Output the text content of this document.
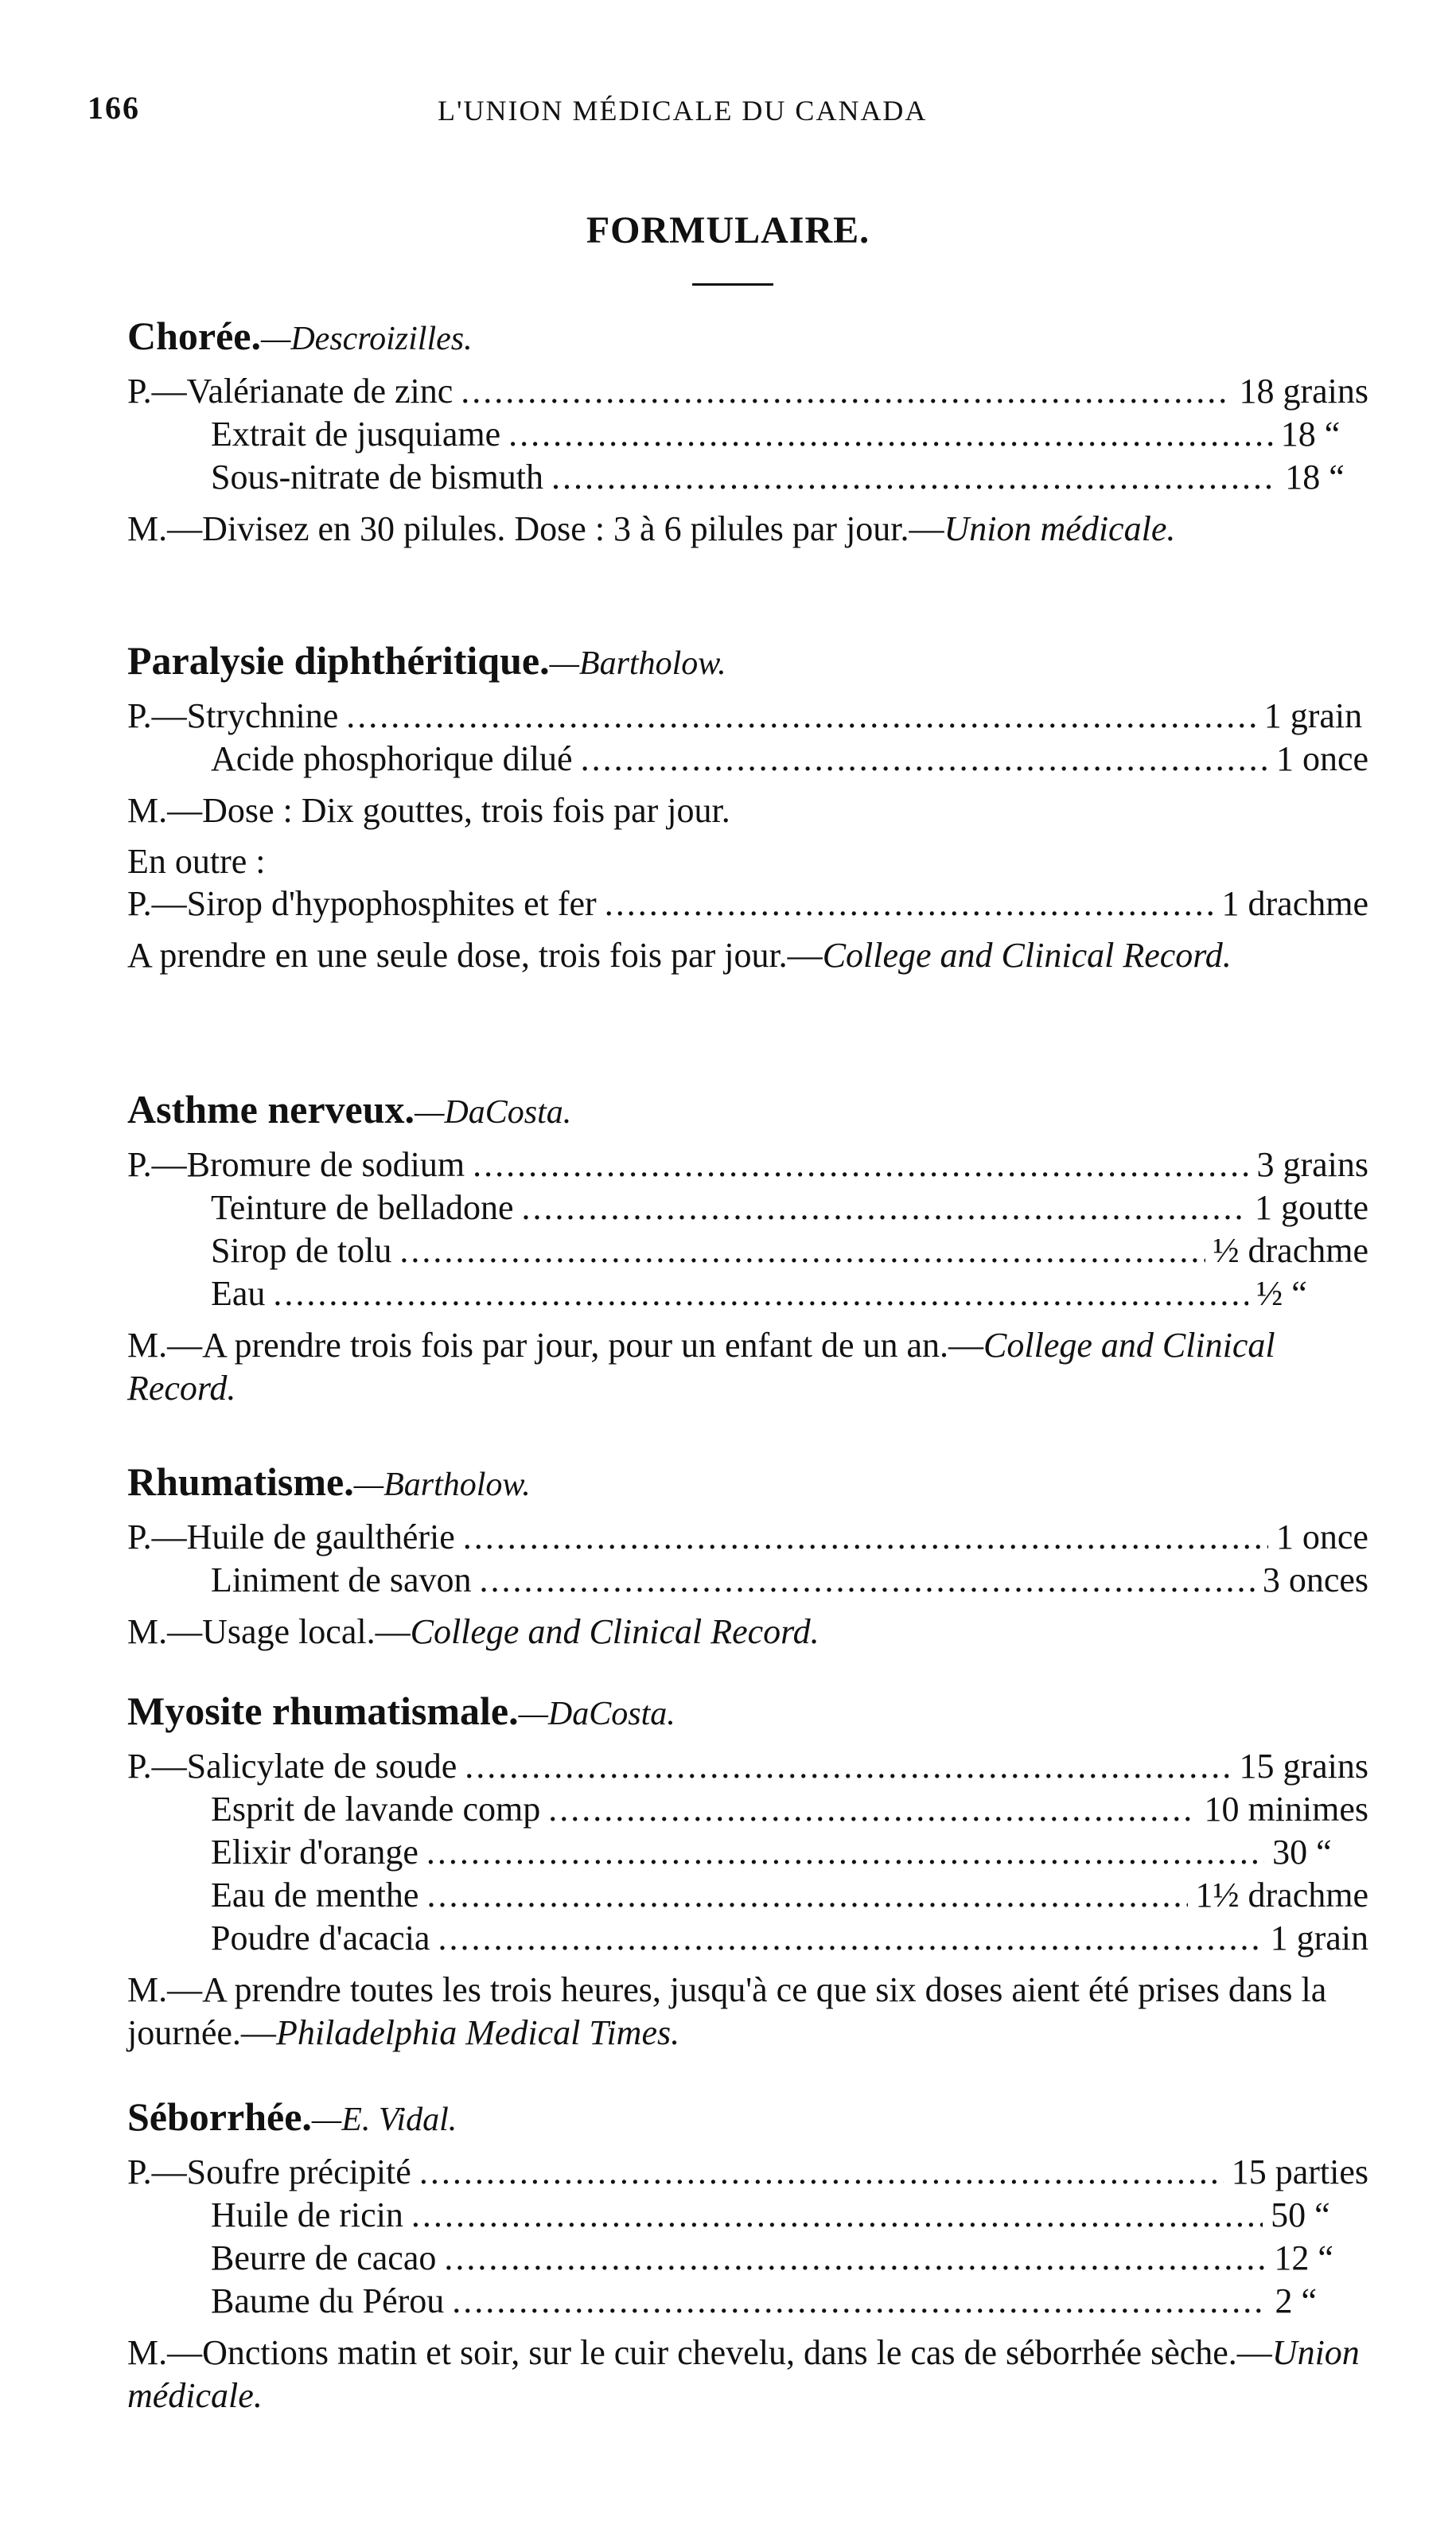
166	L'UNION MÉDICALE DU CANADA
FORMULAIRE.
Chorée.—Descroizilles.
P.—Valérianate de zinc .....	18 grains
Extrait de jusquiame .....	18 “
Sous-nitrate de bismuth .....	18 “
M.—Divisez en 30 pilules. Dose : 3 à 6 pilules par jour.—Union médicale.
Paralysie diphthéritique.—Bartholow.
P.—Strychnine .....	1 grain
Acide phosphorique dilué .....	1 once
M.—Dose : Dix gouttes, trois fois par jour.
En outre :
P.—Sirop d'hypophosphites et fer .....	1 drachme
A prendre en une seule dose, trois fois par jour.—College and Clinical Record.
Asthme nerveux.—DaCosta.
P.—Bromure de sodium .....	3 grains
Teinture de belladone .....	1 goutte
Sirop de tolu .....	½ drachme
Eau .....	½ “
M.—A prendre trois fois par jour, pour un enfant de un an.—College and Clinical Record.
Rhumatisme.—Bartholow.
P.—Huile de gaulthérie .....	1 once
Liniment de savon .....	3 onces
M.—Usage local.—College and Clinical Record.
Myosite rhumatismale.—DaCosta.
P.—Salicylate de soude .....	15 grains
Esprit de lavande comp .....	10 minimes
Elixir d'orange .....	30 “
Eau de menthe .....	1½ drachme
Poudre d'acacia .....	1 grain
M.—A prendre toutes les trois heures, jusqu'à ce que six doses aient été prises dans la journée.—Philadelphia Medical Times.
Séborrhée.—E. Vidal.
P.—Soufre précipité .....	15 parties
Huile de ricin .....	50 “
Beurre de cacao .....	12 “
Baume du Pérou .....	2 “
M.—Onctions matin et soir, sur le cuir chevelu, dans le cas de séborrhée sèche.—Union médicale.
